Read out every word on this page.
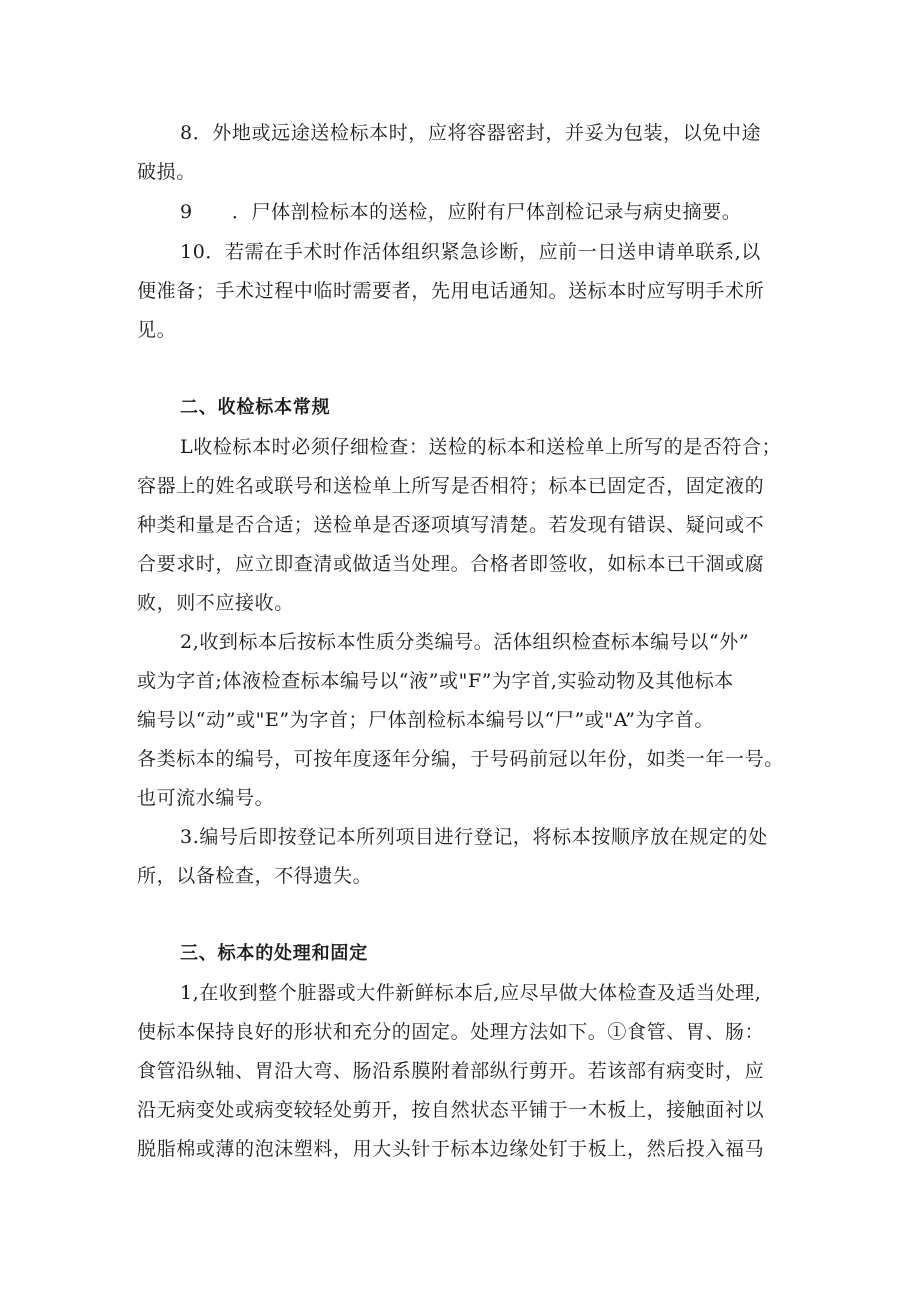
8．外地或远途送检标本时，应将容器密封，并妥为包装，以免中途
破损。
9　　．尸体剖检标本的送检，应附有尸体剖检记录与病史摘要。
10．若需在手术时作活体组织紧急诊断，应前一日送申请单联系,以
便准备；手术过程中临时需要者，先用电话通知。送标本时应写明手术所
见。
二、收检标本常规
L收检标本时必须仔细检查：送检的标本和送检单上所写的是否符合；
容器上的姓名或联号和送检单上所写是否相符；标本已固定否，固定液的
种类和量是否合适；送检单是否逐项填写清楚。若发现有错误、疑问或不
合要求时，应立即查清或做适当处理。合格者即签收，如标本已干涸或腐
败，则不应接收。
2,收到标本后按标本性质分类编号。活体组织检查标本编号以“外”
或为字首;体液检查标本编号以“液”或"F”为字首,实验动物及其他标本
编号以“动”或"E”为字首；尸体剖检标本编号以“尸”或"A”为字首。
各类标本的编号，可按年度逐年分编，于号码前冠以年份，如类一年一号。
也可流水编号。
3.编号后即按登记本所列项目进行登记，将标本按顺序放在规定的处
所，以备检查，不得遗失。
三、标本的处理和固定
1,在收到整个脏器或大件新鲜标本后,应尽早做大体检查及适当处理,
使标本保持良好的形状和充分的固定。处理方法如下。①食管、胃、肠：
食管沿纵轴、胃沿大弯、肠沿系膜附着部纵行剪开。若该部有病变时，应
沿无病变处或病变较轻处剪开，按自然状态平铺于一木板上，接触面衬以
脱脂棉或薄的泡沫塑料，用大头针于标本边缘处钉于板上，然后投入福马
